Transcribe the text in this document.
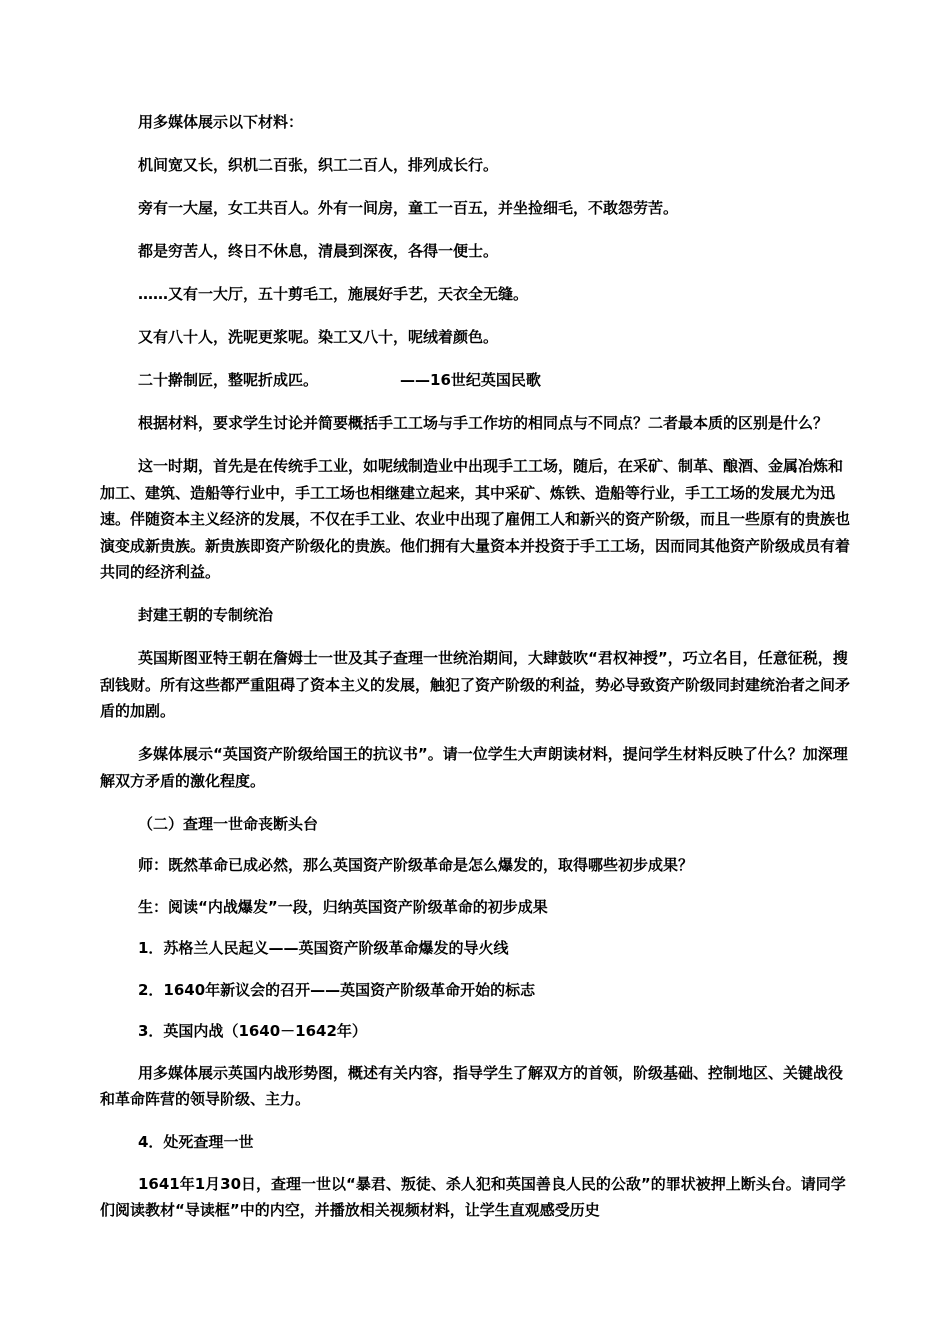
用多媒体展示以下材料：

机间宽又长，织机二百张，织工二百人，排列成长行。

旁有一大屋，女工共百人。外有一间房，童工一百五，并坐捡细毛，不敢怨劳苦。

都是穷苦人，终日不休息，清晨到深夜，各得一便士。

……又有一大厅，五十剪毛工，施展好手艺，天衣全无缝。

又有八十人，洗呢更浆呢。染工又八十，呢绒着颜色。

二十擀制匠，整呢折成匹。	——16世纪英国民歌

根据材料，要求学生讨论并简要概括手工工场与手工作坊的相同点与不同点？二者最本质的区别是什么？

这一时期，首先是在传统手工业，如呢绒制造业中出现手工工场，随后，在采矿、制革、酿酒、金属冶炼和加工、建筑、造船等行业中，手工工场也相继建立起来，其中采矿、炼铁、造船等行业，手工工场的发展尤为迅速。伴随资本主义经济的发展，不仅在手工业、农业中出现了雇佣工人和新兴的资产阶级，而且一些原有的贵族也演变成新贵族。新贵族即资产阶级化的贵族。他们拥有大量资本并投资于手工工场，因而同其他资产阶级成员有着共同的经济利益。

封建王朝的专制统治

英国斯图亚特王朝在詹姆士一世及其子查理一世统治期间，大肆鼓吹“君权神授”，巧立名目，任意征税，搜刮钱财。所有这些都严重阻碍了资本主义的发展，触犯了资产阶级的利益，势必导致资产阶级同封建统治者之间矛盾的加剧。

多媒体展示“英国资产阶级给国王的抗议书”。请一位学生大声朗读材料，提问学生材料反映了什么？加深理解双方矛盾的激化程度。

（二）查理一世命丧断头台

师：既然革命已成必然，那么英国资产阶级革命是怎么爆发的，取得哪些初步成果？

生：阅读“内战爆发”一段，归纳英国资产阶级革命的初步成果

1．苏格兰人民起义——英国资产阶级革命爆发的导火线

2．1640年新议会的召开——英国资产阶级革命开始的标志

3．英国内战（1640－1642年）

用多媒体展示英国内战形势图，概述有关内容，指导学生了解双方的首领，阶级基础、控制地区、关键战役和革命阵营的领导阶级、主力。

4．处死查理一世

1641年1月30日，查理一世以“暴君、叛徒、杀人犯和英国善良人民的公敌”的罪状被押上断头台。请同学们阅读教材“导读框”中的内空，并播放相关视频材料，让学生直观感受历史
